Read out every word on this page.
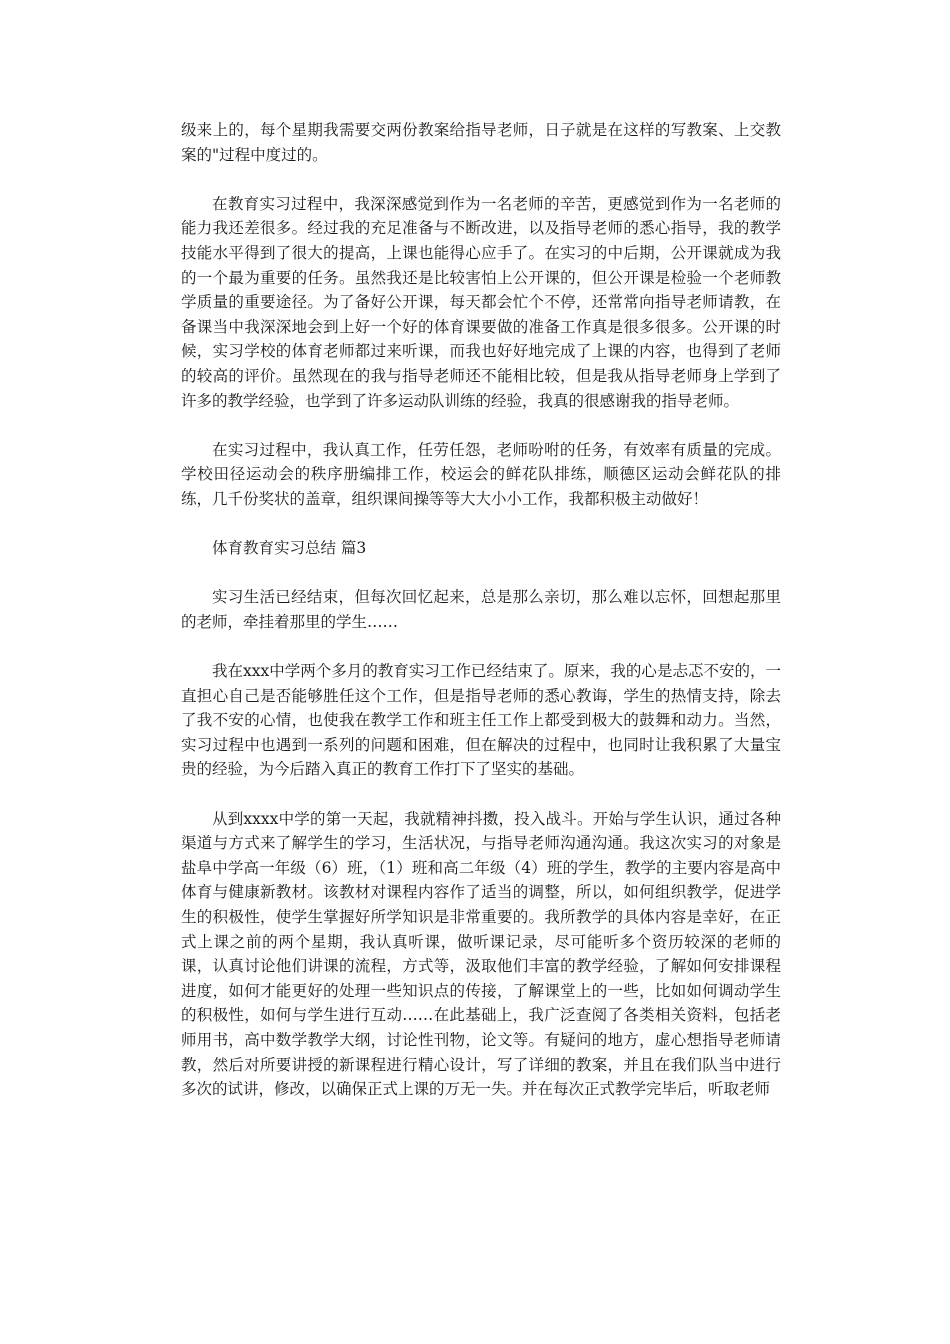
级来上的，每个星期我需要交两份教案给指导老师，日子就是在这样的写教案、上交教案的"过程中度过的。

在教育实习过程中，我深深感觉到作为一名老师的辛苦，更感觉到作为一名老师的能力我还差很多。经过我的充足准备与不断改进，以及指导老师的悉心指导，我的教学技能水平得到了很大的提高，上课也能得心应手了。在实习的中后期，公开课就成为我的一个最为重要的任务。虽然我还是比较害怕上公开课的，但公开课是检验一个老师教学质量的重要途径。为了备好公开课，每天都会忙个不停，还常常向指导老师请教，在备课当中我深深地会到上好一个好的体育课要做的准备工作真是很多很多。公开课的时候，实习学校的体育老师都过来听课，而我也好好地完成了上课的内容，也得到了老师的较高的评价。虽然现在的我与指导老师还不能相比较，但是我从指导老师身上学到了许多的教学经验，也学到了许多运动队训练的经验，我真的很感谢我的指导老师。

在实习过程中，我认真工作，任劳任怨，老师吩咐的任务，有效率有质量的完成。学校田径运动会的秩序册编排工作，校运会的鲜花队排练，顺德区运动会鲜花队的排练，几千份奖状的盖章，组织课间操等等大大小小工作，我都积极主动做好！

体育教育实习总结 篇3

实习生活已经结束，但每次回忆起来，总是那么亲切，那么难以忘怀，回想起那里的老师，牵挂着那里的学生……

我在xxx中学两个多月的教育实习工作已经结束了。原来，我的心是忐忑不安的，一直担心自己是否能够胜任这个工作，但是指导老师的悉心教诲，学生的热情支持，除去了我不安的心情，也使我在教学工作和班主任工作上都受到极大的鼓舞和动力。当然，实习过程中也遇到一系列的问题和困难，但在解决的过程中，也同时让我积累了大量宝贵的经验，为今后踏入真正的教育工作打下了坚实的基础。

从到xxxx中学的第一天起，我就精神抖擞，投入战斗。开始与学生认识，通过各种渠道与方式来了解学生的学习，生活状况，与指导老师沟通沟通。我这次实习的对象是盐阜中学高一年级（6）班，（1）班和高二年级（4）班的学生，教学的主要内容是高中体育与健康新教材。该教材对课程内容作了适当的调整，所以，如何组织教学，促进学生的积极性，使学生掌握好所学知识是非常重要的。我所教学的具体内容是幸好，在正式上课之前的两个星期，我认真听课，做听课记录，尽可能听多个资历较深的老师的课，认真讨论他们讲课的流程，方式等，汲取他们丰富的教学经验，了解如何安排课程进度，如何才能更好的处理一些知识点的传接，了解课堂上的一些，比如如何调动学生的积极性，如何与学生进行互动……在此基础上，我广泛查阅了各类相关资料，包括老师用书，高中数学教学大纲，讨论性刊物，论文等。有疑问的地方，虚心想指导老师请教，然后对所要讲授的新课程进行精心设计，写了详细的教案，并且在我们队当中进行多次的试讲，修改，以确保正式上课的万无一失。并在每次正式教学完毕后，听取老师
